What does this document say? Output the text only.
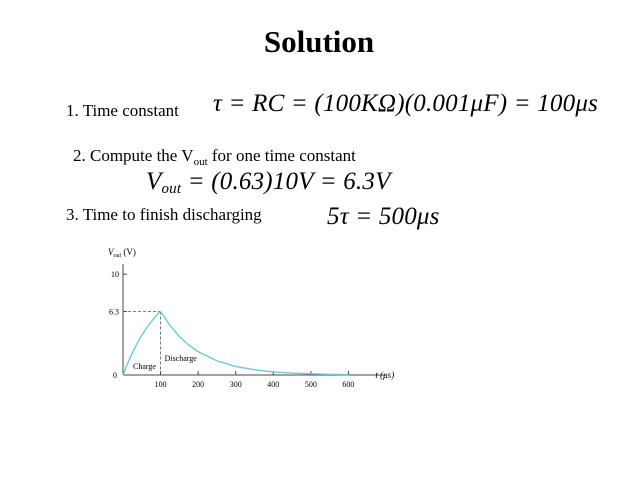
Solution
1. Time constant τ = RC = (100KΩ)(0.001μF) = 100μs
2. Compute the $V_{out}$ for one time constant
$V_{out} = (0.63)10V = 6.3V$
3. Time to finish discharging	5τ = 500μs
$V_{out}$ (V)
10
6.3
100	200	300	400	500	600
t (μs)
Charge
Discharge
0
